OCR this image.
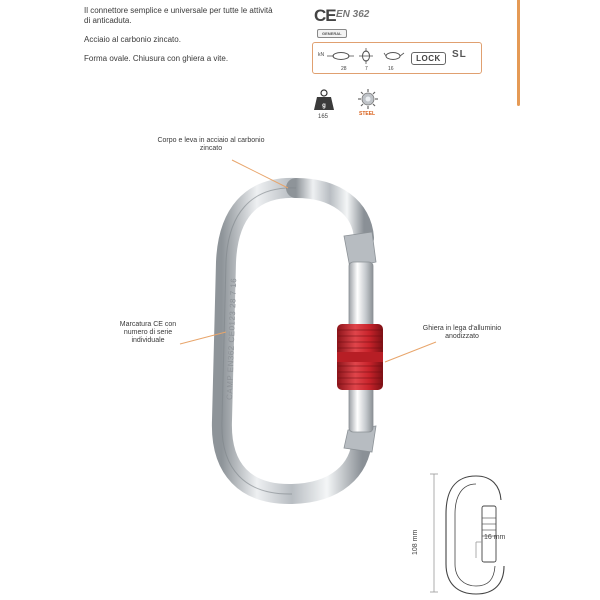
Il connettore semplice e universale per tutte le attività

di anticaduta.

Acciaio al carbonio zincato.

Forma ovale. Chiusura con ghiera a vite.

CE EN 362
GENERAL
kN
28	7	16
LOCK	SL
g
165	STEEL
CAMP EN362 CE0123 28 7 16
Corpo e leva in acciaio al carbonio zincato
Marcatura CE con numero di serie individuale
Ghiera in lega d'alluminio anodizzato
108 mm	16 mm
